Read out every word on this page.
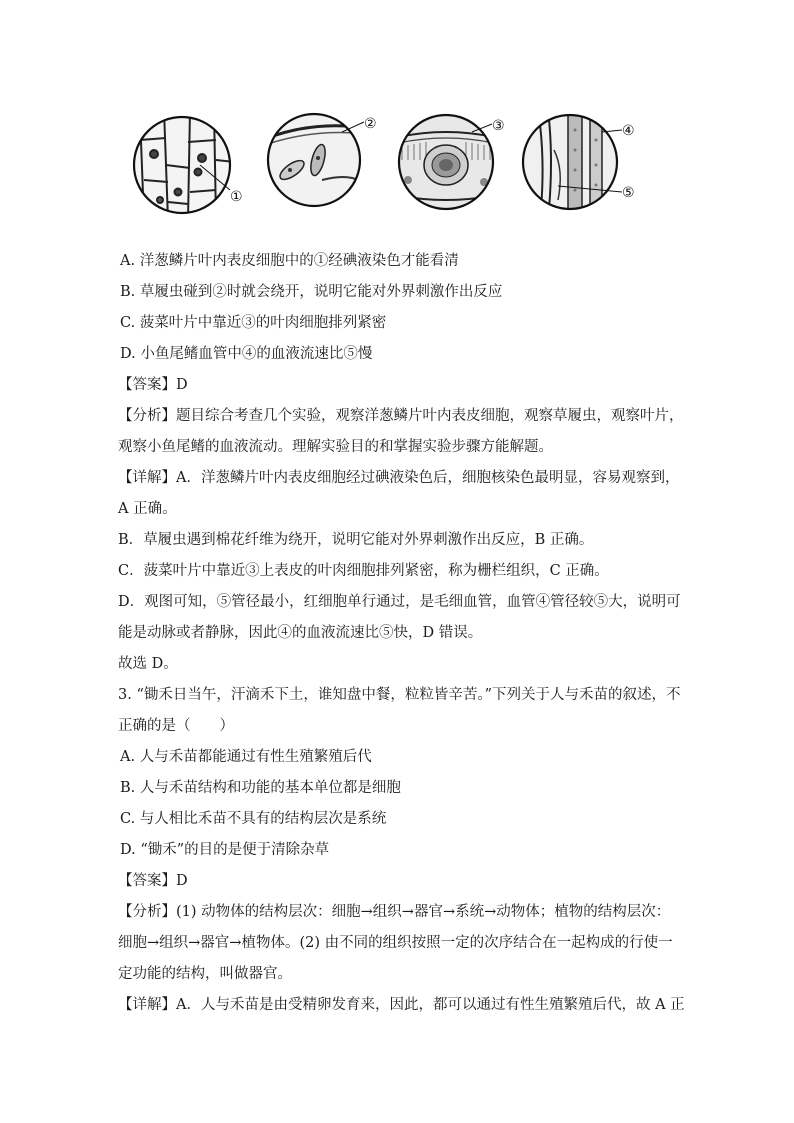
①
②	③	④
⑤
A. 洋葱鳞片叶内表皮细胞中的①经碘液染色才能看清
B. 草履虫碰到②时就会绕开，说明它能对外界刺激作出反应
C. 菠菜叶片中靠近③的叶肉细胞排列紧密
D. 小鱼尾鳍血管中④的血液流速比⑤慢
【答案】D
【分析】题目综合考查几个实验，观察洋葱鳞片叶内表皮细胞，观察草履虫，观察叶片，
观察小鱼尾鳍的血液流动。理解实验目的和掌握实验步骤方能解题。
【详解】A．洋葱鳞片叶内表皮细胞经过碘液染色后，细胞核染色最明显，容易观察到，
A 正确。
B．草履虫遇到棉花纤维为绕开，说明它能对外界刺激作出反应，B 正确。
C．菠菜叶片中靠近③上表皮的叶肉细胞排列紧密，称为栅栏组织，C 正确。
D．观图可知，⑤管径最小，红细胞单行通过，是毛细血管，血管④管径较⑤大，说明可
能是动脉或者静脉，因此④的血液流速比⑤快，D 错误。
故选 D。
3. “锄禾日当午，汗滴禾下土，谁知盘中餐，粒粒皆辛苦。”下列关于人与禾苗的叙述，不
正确的是（　　）
A. 人与禾苗都能通过有性生殖繁殖后代
B. 人与禾苗结构和功能的基本单位都是细胞
C. 与人相比禾苗不具有的结构层次是系统
D. “锄禾”的目的是便于清除杂草
【答案】D
【分析】(1) 动物体的结构层次：细胞→组织→器官→系统→动物体；植物的结构层次：
细胞→组织→器官→植物体。(2) 由不同的组织按照一定的次序结合在一起构成的行使一
定功能的结构，叫做器官。
【详解】A．人与禾苗是由受精卵发育来，因此，都可以通过有性生殖繁殖后代，故 A 正
